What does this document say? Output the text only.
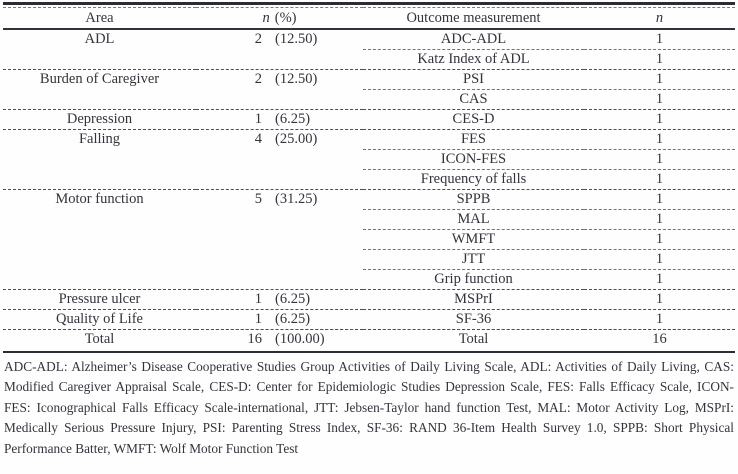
Area	n (%)	Outcome measurement	n
ADL	2 (12.50)	ADC-ADL	1
		Katz Index of ADL	1
Burden of Caregiver	2 (12.50)	PSI	1
		CAS	1
Depression	1 (6.25)	CES-D	1
Falling	4 (25.00)	FES	1
		ICON-FES	1
		Frequency of falls	1
Motor function	5 (31.25)	SPPB	1
		MAL	1
		WMFT	1
		JTT	1
		Grip function	1
Pressure ulcer	1 (6.25)	MSPrI	1
Quality of Life	1 (6.25)	SF-36	1
Total	16 (100.00)	Total	16

ADC-ADL: Alzheimer’s Disease Cooperative Studies Group Activities of Daily Living Scale, ADL: Activities of Daily Living, CAS: Modified Caregiver Appraisal Scale, CES-D: Center for Epidemiologic Studies Depression Scale, FES: Falls Efficacy Scale, ICON-FES: Iconographical Falls Efficacy Scale-international, JTT: Jebsen-Taylor hand function Test, MAL: Motor Activity Log, MSPrI: Medically Serious Pressure Injury, PSI: Parenting Stress Index, SF-36: RAND 36-Item Health Survey 1.0, SPPB: Short Physical Performance Batter, WMFT: Wolf Motor Function Test
